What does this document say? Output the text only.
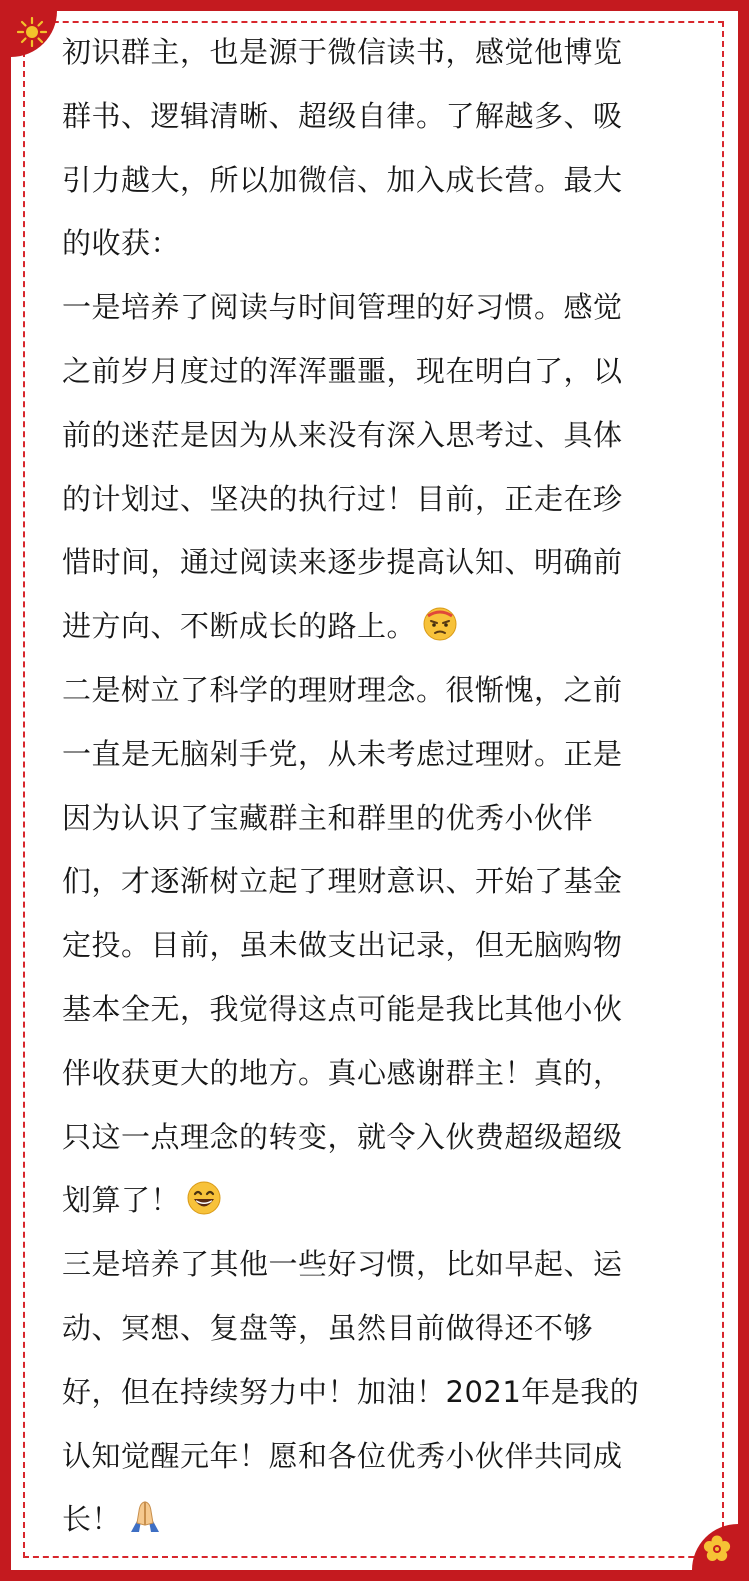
初识群主，也是源于微信读书，感觉他博览
群书、逻辑清晰、超级自律。了解越多、吸
引力越大，所以加微信、加入成长营。最大
的收获：
一是培养了阅读与时间管理的好习惯。感觉
之前岁月度过的浑浑噩噩，现在明白了，以
前的迷茫是因为从来没有深入思考过、具体
的计划过、坚决的执行过！目前，正走在珍
惜时间，通过阅读来逐步提高认知、明确前
进方向、不断成长的路上。
二是树立了科学的理财理念。很惭愧，之前
一直是无脑剁手党，从未考虑过理财。正是
因为认识了宝藏群主和群里的优秀小伙伴
们，才逐渐树立起了理财意识、开始了基金
定投。目前，虽未做支出记录，但无脑购物
基本全无，我觉得这点可能是我比其他小伙
伴收获更大的地方。真心感谢群主！真的，
只这一点理念的转变，就令入伙费超级超级
划算了！
三是培养了其他一些好习惯，比如早起、运
动、冥想、复盘等，虽然目前做得还不够
好，但在持续努力中！加油！2021年是我的
认知觉醒元年！愿和各位优秀小伙伴共同成
长！
